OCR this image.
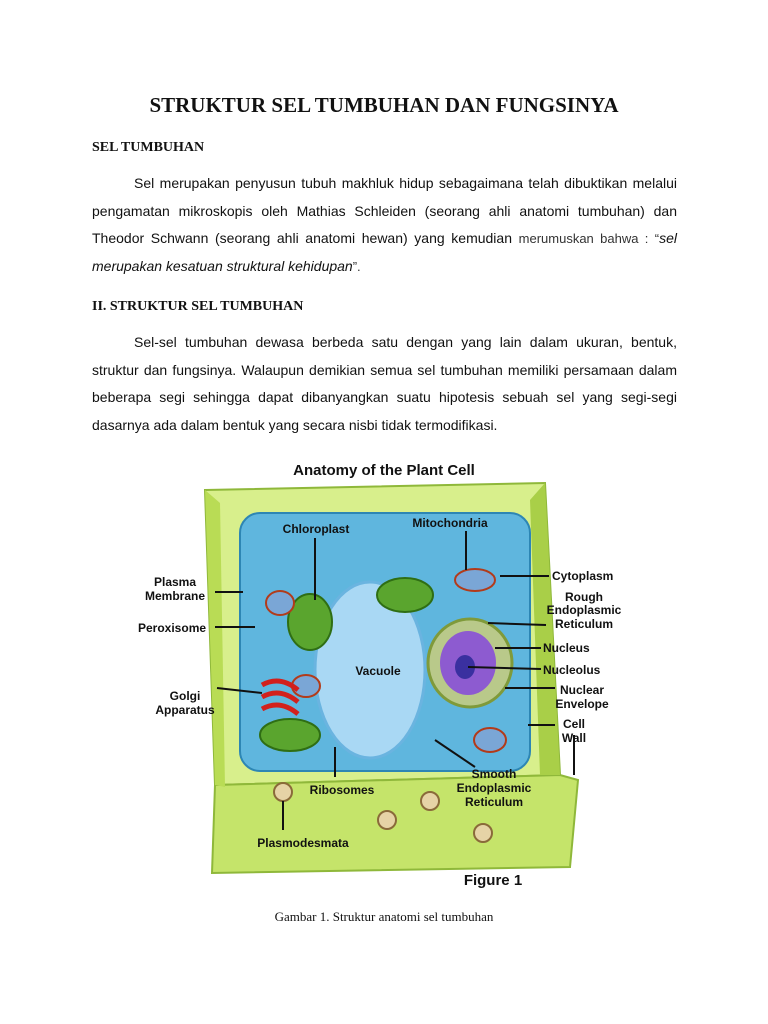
STRUKTUR SEL TUMBUHAN DAN FUNGSINYA
SEL TUMBUHAN

Sel merupakan penyusun tubuh makhluk hidup sebagaimana telah dibuktikan melalui pengamatan mikroskopis oleh Mathias Schleiden (seorang ahli anatomi tumbuhan) dan Theodor Schwann (seorang ahli anatomi hewan) yang kemudian merumuskan bahwa : “sel merupakan kesatuan struktural kehidupan”.

II. STRUKTUR SEL TUMBUHAN

Sel-sel tumbuhan dewasa berbeda satu dengan yang lain dalam ukuran, bentuk, struktur dan fungsinya. Walaupun demikian semua sel tumbuhan memiliki persamaan dalam beberapa segi sehingga dapat dibanyangkan suatu hipotesis sebuah sel yang segi-segi dasarnya ada dalam bentuk yang secara nisbi tidak termodifikasi.

Anatomy of the Plant Cell
Chloroplast	Mitochondria
Plasma
Membrane
Cytoplasm
Rough
Endoplasmic
Reticulum
Peroxisome
Nucleus
Vacuole	Nucleolus
Golgi
Apparatus
Nuclear
Envelope
Cell
Wall
Smooth
Endoplasmic
Reticulum
Ribosomes
Plasmodesmata
Figure 1

Gambar 1. Struktur anatomi sel tumbuhan
